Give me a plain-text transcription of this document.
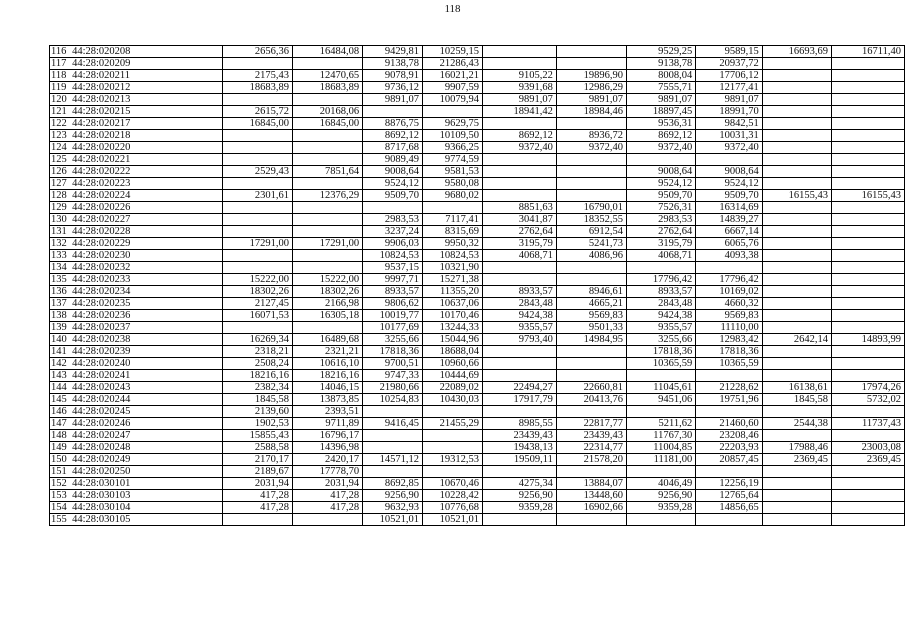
118
116	44:28:020208	2656,36	16484,08	9429,81	10259,15			9529,25	9589,15	16693,69	16711,40
117	44:28:020209			9138,78	21286,43			9138,78	20937,72		
118	44:28:020211	2175,43	12470,65	9078,91	16021,21	9105,22	19896,90	8008,04	17706,12		
119	44:28:020212	18683,89	18683,89	9736,12	9907,59	9391,68	12986,29	7555,71	12177,41		
120	44:28:020213			9891,07	10079,94	9891,07	9891,07	9891,07	9891,07		
121	44:28:020215	2615,72	20168,06			18941,42	18984,46	18897,45	18991,70		
122	44:28:020217	16845,00	16845,00	8876,75	9629,75			9536,31	9842,51		
123	44:28:020218			8692,12	10109,50	8692,12	8936,72	8692,12	10031,31		
124	44:28:020220			8717,68	9366,25	9372,40	9372,40	9372,40	9372,40		
125	44:28:020221			9089,49	9774,59						
126	44:28:020222	2529,43	7851,64	9008,64	9581,53			9008,64	9008,64		
127	44:28:020223			9524,12	9580,08			9524,12	9524,12		
128	44:28:020224	2301,61	12376,29	9509,70	9680,02			9509,70	9509,70	16155,43	16155,43
129	44:28:020226					8851,63	16790,01	7526,31	16314,69		
130	44:28:020227			2983,53	7117,41	3041,87	18352,55	2983,53	14839,27		
131	44:28:020228			3237,24	8315,69	2762,64	6912,54	2762,64	6667,14		
132	44:28:020229	17291,00	17291,00	9906,03	9950,32	3195,79	5241,73	3195,79	6065,76		
133	44:28:020230			10824,53	10824,53	4068,71	4086,96	4068,71	4093,38		
134	44:28:020232			9537,15	10321,90						
135	44:28:020233	15222,00	15222,00	9997,71	15271,38			17796,42	17796,42		
136	44:28:020234	18302,26	18302,26	8933,57	11355,20	8933,57	8946,61	8933,57	10169,02		
137	44:28:020235	2127,45	2166,98	9806,62	10637,06	2843,48	4665,21	2843,48	4660,32		
138	44:28:020236	16071,53	16305,18	10019,77	10170,46	9424,38	9569,83	9424,38	9569,83		
139	44:28:020237			10177,69	13244,33	9355,57	9501,33	9355,57	11110,00		
140	44:28:020238	16269,34	16489,68	3255,66	15044,96	9793,40	14984,95	3255,66	12983,42	2642,14	14893,99
141	44:28:020239	2318,21	2321,21	17818,36	18688,04			17818,36	17818,36		
142	44:28:020240	2508,24	10616,10	9700,51	10960,66			10365,59	10365,59		
143	44:28:020241	18216,16	18216,16	9747,33	10444,69						
144	44:28:020243	2382,34	14046,15	21980,66	22089,02	22494,27	22660,81	11045,61	21228,62	16138,61	17974,26
145	44:28:020244	1845,58	13873,85	10254,83	10430,03	17917,79	20413,76	9451,06	19751,96	1845,58	5732,02
146	44:28:020245	2139,60	2393,51								
147	44:28:020246	1902,53	9711,89	9416,45	21455,29	8985,55	22817,77	5211,62	21460,60	2544,38	11737,43
148	44:28:020247	15855,43	16796,17			23439,43	23439,43	11767,30	23208,46		
149	44:28:020248	2588,58	14396,98			19438,13	22314,77	11004,85	22203,93	17988,46	23003,08
150	44:28:020249	2170,17	2420,17	14571,12	19312,53	19509,11	21578,20	11181,00	20857,45	2369,45	2369,45
151	44:28:020250	2189,67	17778,70								
152	44:28:030101	2031,94	2031,94	8692,85	10670,46	4275,34	13884,07	4046,49	12256,19		
153	44:28:030103	417,28	417,28	9256,90	10228,42	9256,90	13448,60	9256,90	12765,64		
154	44:28:030104	417,28	417,28	9632,93	10776,68	9359,28	16902,66	9359,28	14856,65		
155	44:28:030105			10521,01	10521,01						
